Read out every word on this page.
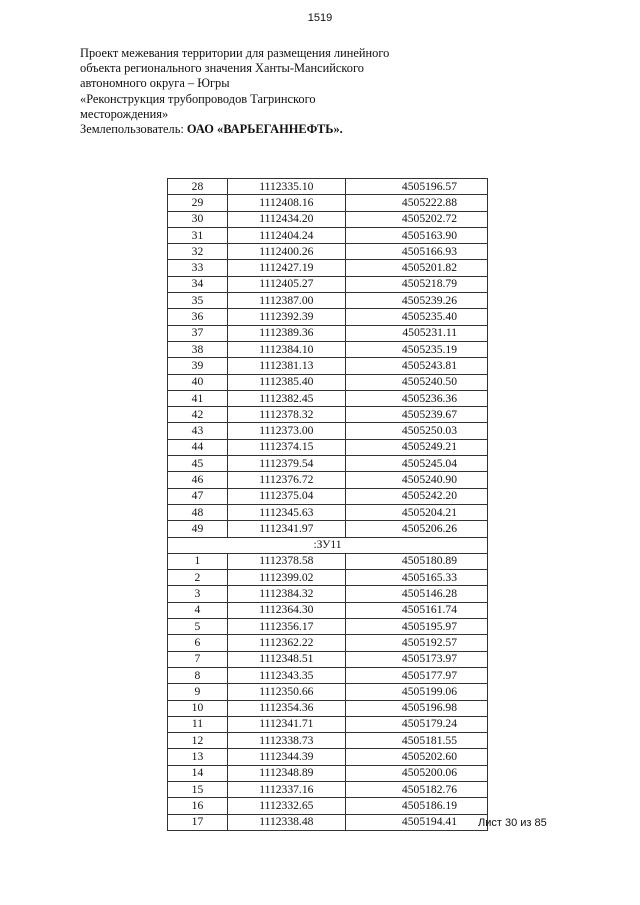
1519
Проект межевания территории для размещения линейного
объекта регионального значения Ханты-Мансийского
автономного округа – Югры
«Реконструкция трубопроводов Тагринского
месторождения»
Землепользователь: ОАО «ВАРЬЕГАННЕФТЬ».
28	1112335.10	4505196.57
29	1112408.16	4505222.88
30	1112434.20	4505202.72
31	1112404.24	4505163.90
32	1112400.26	4505166.93
33	1112427.19	4505201.82
34	1112405.27	4505218.79
35	1112387.00	4505239.26
36	1112392.39	4505235.40
37	1112389.36	4505231.11
38	1112384.10	4505235.19
39	1112381.13	4505243.81
40	1112385.40	4505240.50
41	1112382.45	4505236.36
42	1112378.32	4505239.67
43	1112373.00	4505250.03
44	1112374.15	4505249.21
45	1112379.54	4505245.04
46	1112376.72	4505240.90
47	1112375.04	4505242.20
48	1112345.63	4505204.21
49	1112341.97	4505206.26
:ЗУ11		
1	1112378.58	4505180.89
2	1112399.02	4505165.33
3	1112384.32	4505146.28
4	1112364.30	4505161.74
5	1112356.17	4505195.97
6	1112362.22	4505192.57
7	1112348.51	4505173.97
8	1112343.35	4505177.97
9	1112350.66	4505199.06
10	1112354.36	4505196.98
11	1112341.71	4505179.24
12	1112338.73	4505181.55
13	1112344.39	4505202.60
14	1112348.89	4505200.06
15	1112337.16	4505182.76
16	1112332.65	4505186.19
17	1112338.48	4505194.41 Лист 30 из 85
